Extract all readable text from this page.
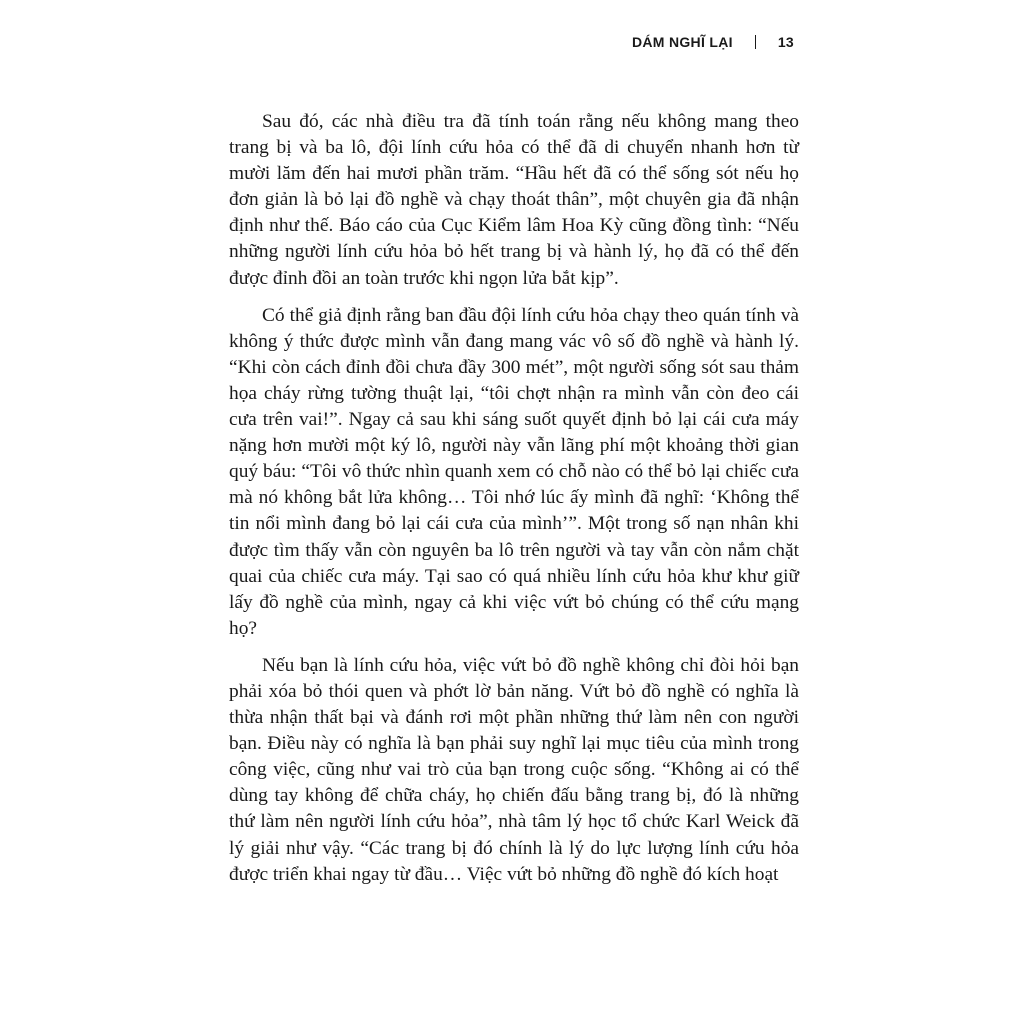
DÁM NGHĨ LẠI	13

Sau đó, các nhà điều tra đã tính toán rằng nếu không mang theo trang bị và ba lô, đội lính cứu hỏa có thể đã di chuyển nhanh hơn từ mười lăm đến hai mươi phần trăm. “Hầu hết đã có thể sống sót nếu họ đơn giản là bỏ lại đồ nghề và chạy thoát thân”, một chuyên gia đã nhận định như thế. Báo cáo của Cục Kiểm lâm Hoa Kỳ cũng đồng tình: “Nếu những người lính cứu hỏa bỏ hết trang bị và hành lý, họ đã có thể đến được đỉnh đồi an toàn trước khi ngọn lửa bắt kịp”.

Có thể giả định rằng ban đầu đội lính cứu hỏa chạy theo quán tính và không ý thức được mình vẫn đang mang vác vô số đồ nghề và hành lý. “Khi còn cách đỉnh đồi chưa đầy 300 mét”, một người sống sót sau thảm họa cháy rừng tường thuật lại, “tôi chợt nhận ra mình vẫn còn đeo cái cưa trên vai!”. Ngay cả sau khi sáng suốt quyết định bỏ lại cái cưa máy nặng hơn mười một ký lô, người này vẫn lãng phí một khoảng thời gian quý báu: “Tôi vô thức nhìn quanh xem có chỗ nào có thể bỏ lại chiếc cưa mà nó không bắt lửa không… Tôi nhớ lúc ấy mình đã nghĩ: ‘Không thể tin nổi mình đang bỏ lại cái cưa của mình’”. Một trong số nạn nhân khi được tìm thấy vẫn còn nguyên ba lô trên người và tay vẫn còn nắm chặt quai của chiếc cưa máy. Tại sao có quá nhiều lính cứu hỏa khư khư giữ lấy đồ nghề của mình, ngay cả khi việc vứt bỏ chúng có thể cứu mạng họ?

Nếu bạn là lính cứu hỏa, việc vứt bỏ đồ nghề không chỉ đòi hỏi bạn phải xóa bỏ thói quen và phớt lờ bản năng. Vứt bỏ đồ nghề có nghĩa là thừa nhận thất bại và đánh rơi một phần những thứ làm nên con người bạn. Điều này có nghĩa là bạn phải suy nghĩ lại mục tiêu của mình trong công việc, cũng như vai trò của bạn trong cuộc sống. “Không ai có thể dùng tay không để chữa cháy, họ chiến đấu bằng trang bị, đó là những thứ làm nên người lính cứu hỏa”, nhà tâm lý học tổ chức Karl Weick đã lý giải như vậy. “Các trang bị đó chính là lý do lực lượng lính cứu hỏa được triển khai ngay từ đầu… Việc vứt bỏ những đồ nghề đó kích hoạt
